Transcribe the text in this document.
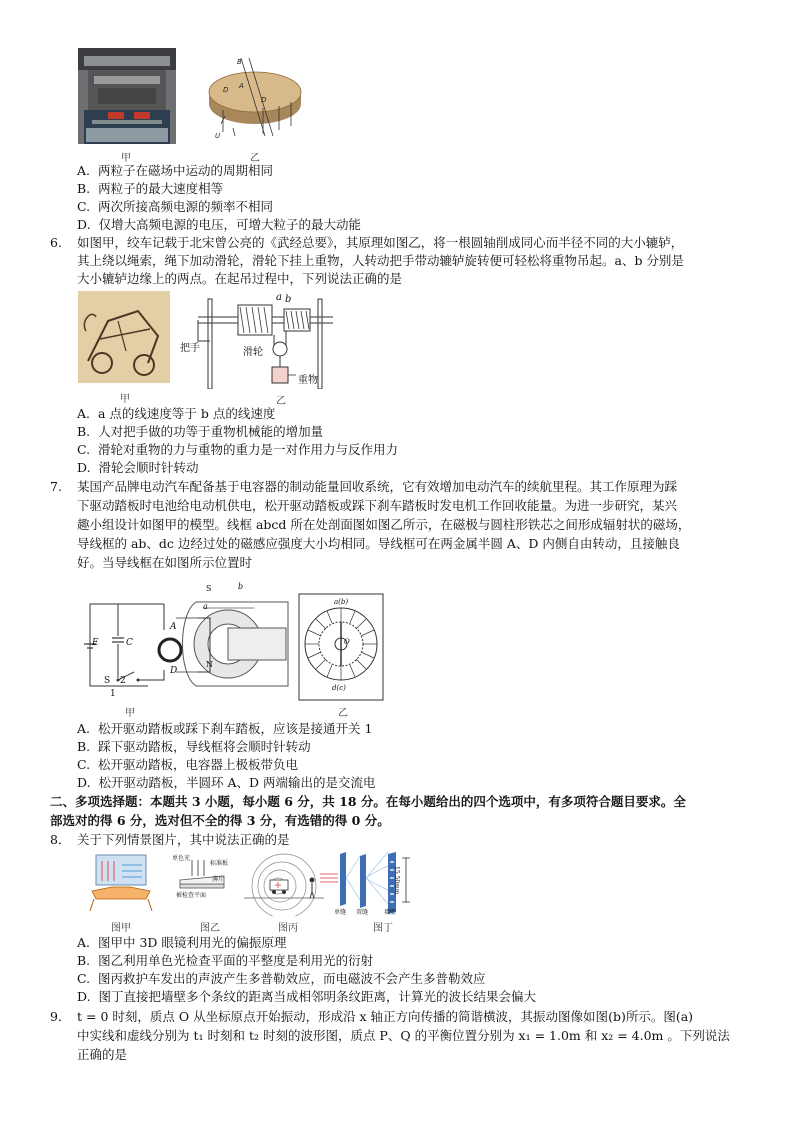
甲
B
D A
D
U
乙
A. 两粒子在磁场中运动的周期相同
B. 两粒子的最大速度相等
C. 两次所接高频电源的频率不相同
D. 仅增大高频电源的电压，可增大粒子的最大动能
6. 如图甲，绞车记载于北宋曾公亮的《武经总要》，其原理如图乙，将一根圆轴削成同心而半径不同的大小辘轳，
其上绕以绳索，绳下加动滑轮，滑轮下挂上重物，人转动把手带动辘轳旋转便可轻松将重物吊起。a、b 分别是
大小辘轳边缘上的两点。在起吊过程中，下列说法正确的是
甲
a b
把手	滑轮
重物
乙
A. a 点的线速度等于 b 点的线速度
B. 人对把手做的功等于重物机械能的增加量
C. 滑轮对重物的力与重物的重力是一对作用力与反作用力
D. 滑轮会顺时针转动
7. 某国产品牌电动汽车配备基于电容器的制动能量回收系统，它有效增加电动汽车的续航里程。其工作原理为踩
下驱动踏板时电池给电动机供电，松开驱动踏板或踩下刹车踏板时发电机工作回收能量。为进一步研究，某兴
趣小组设计如图甲的模型。线框 abcd 所在处剖面图如图乙所示，在磁极与圆柱形铁芯之间形成辐射状的磁场，
导线框的 ab、dc 边经过处的磁感应强度大小均相同。导线框可在两金属半圆 A、D 内侧自由转动，且接触良
好。当导线框在如图所示位置时
E	C
S 2
1
A
D
S
N
a
b
甲
a(b)
d(c)
O
乙
A. 松开驱动踏板或踩下刹车踏板，应该是接通开关 1
B. 踩下驱动踏板，导线框将会顺时针转动
C. 松开驱动踏板，电容器上极板带负电
D. 松开驱动踏板，半圆环 A、D 两端输出的是交流电
二、多项选择题：本题共 3 小题，每小题 6 分，共 18 分。在每小题给出的四个选项中，有多项符合题目要求。全
部选对的得 6 分，选对但不全的得 3 分，有选错的得 0 分。
8． 关于下列情景图片，其中说法正确的是
图甲
单色光
标准板
薄片
被检查平面
图乙	图丙
15.50mm
单缝 双缝	墙壁
图丁
A. 图甲中 3D 眼镜利用光的偏振原理
B. 图乙利用单色光检查平面的平整度是利用光的衍射
C. 图丙救护车发出的声波产生多普勒效应，而电磁波不会产生多普勒效应
D. 图丁直接把墙壁多个条纹的距离当成相邻明条纹距离，计算光的波长结果会偏大
9． t = 0 时刻，质点 O 从坐标原点开始振动，形成沿 x 轴正方向传播的简谐横波，其振动图像如图(b)所示。图(a)
中实线和虚线分别为 t₁ 时刻和 t₂ 时刻的波形图，质点 P、Q 的平衡位置分别为 x₁ = 1.0m 和 x₂ = 4.0m 。下列说法
正确的是
